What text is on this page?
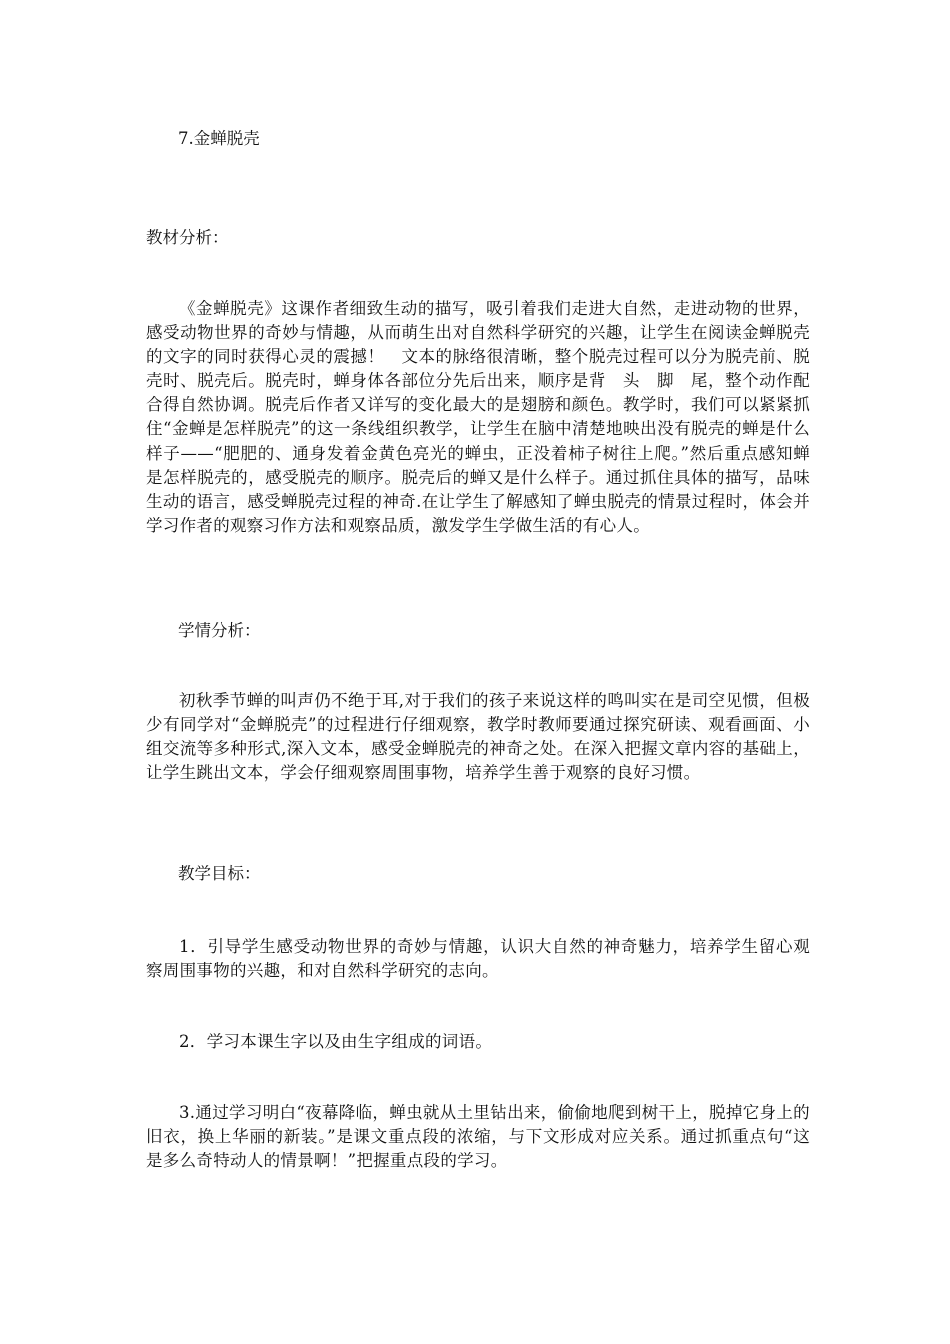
7.金蝉脱壳
教材分析：

《金蝉脱壳》这课作者细致生动的描写，吸引着我们走进大自然，走进动物的世界，感受动物世界的奇妙与情趣，从而萌生出对自然科学研究的兴趣，让学生在阅读金蝉脱壳的文字的同时获得心灵的震撼！　文本的脉络很清晰，整个脱壳过程可以分为脱壳前、脱壳时、脱壳后。脱壳时，蝉身体各部位分先后出来，顺序是背　头　脚　尾，整个动作配合得自然协调。脱壳后作者又详写的变化最大的是翅膀和颜色。教学时，我们可以紧紧抓住“金蝉是怎样脱壳”的这一条线组织教学，让学生在脑中清楚地映出没有脱壳的蝉是什么样子——“肥肥的、通身发着金黄色亮光的蝉虫，正没着柿子树往上爬。”然后重点感知蝉是怎样脱壳的，感受脱壳的顺序。脱壳后的蝉又是什么样子。通过抓住具体的描写，品味生动的语言，感受蝉脱壳过程的神奇.在让学生了解感知了蝉虫脱壳的情景过程时，体会并学习作者的观察习作方法和观察品质，激发学生学做生活的有心人。

学情分析：

初秋季节蝉的叫声仍不绝于耳,对于我们的孩子来说这样的鸣叫实在是司空见惯，但极少有同学对“金蝉脱壳”的过程进行仔细观察，教学时教师要通过探究研读、观看画面、小组交流等多种形式,深入文本，感受金蝉脱壳的神奇之处。在深入把握文章内容的基础上，让学生跳出文本，学会仔细观察周围事物，培养学生善于观察的良好习惯。

教学目标：

1．引导学生感受动物世界的奇妙与情趣，认识大自然的神奇魅力，培养学生留心观察周围事物的兴趣，和对自然科学研究的志向。

2．学习本课生字以及由生字组成的词语。

3.通过学习明白“夜幕降临，蝉虫就从土里钻出来，偷偷地爬到树干上，脱掉它身上的旧衣，换上华丽的新装。”是课文重点段的浓缩，与下文形成对应关系。通过抓重点句“这是多么奇特动人的情景啊！”把握重点段的学习。
